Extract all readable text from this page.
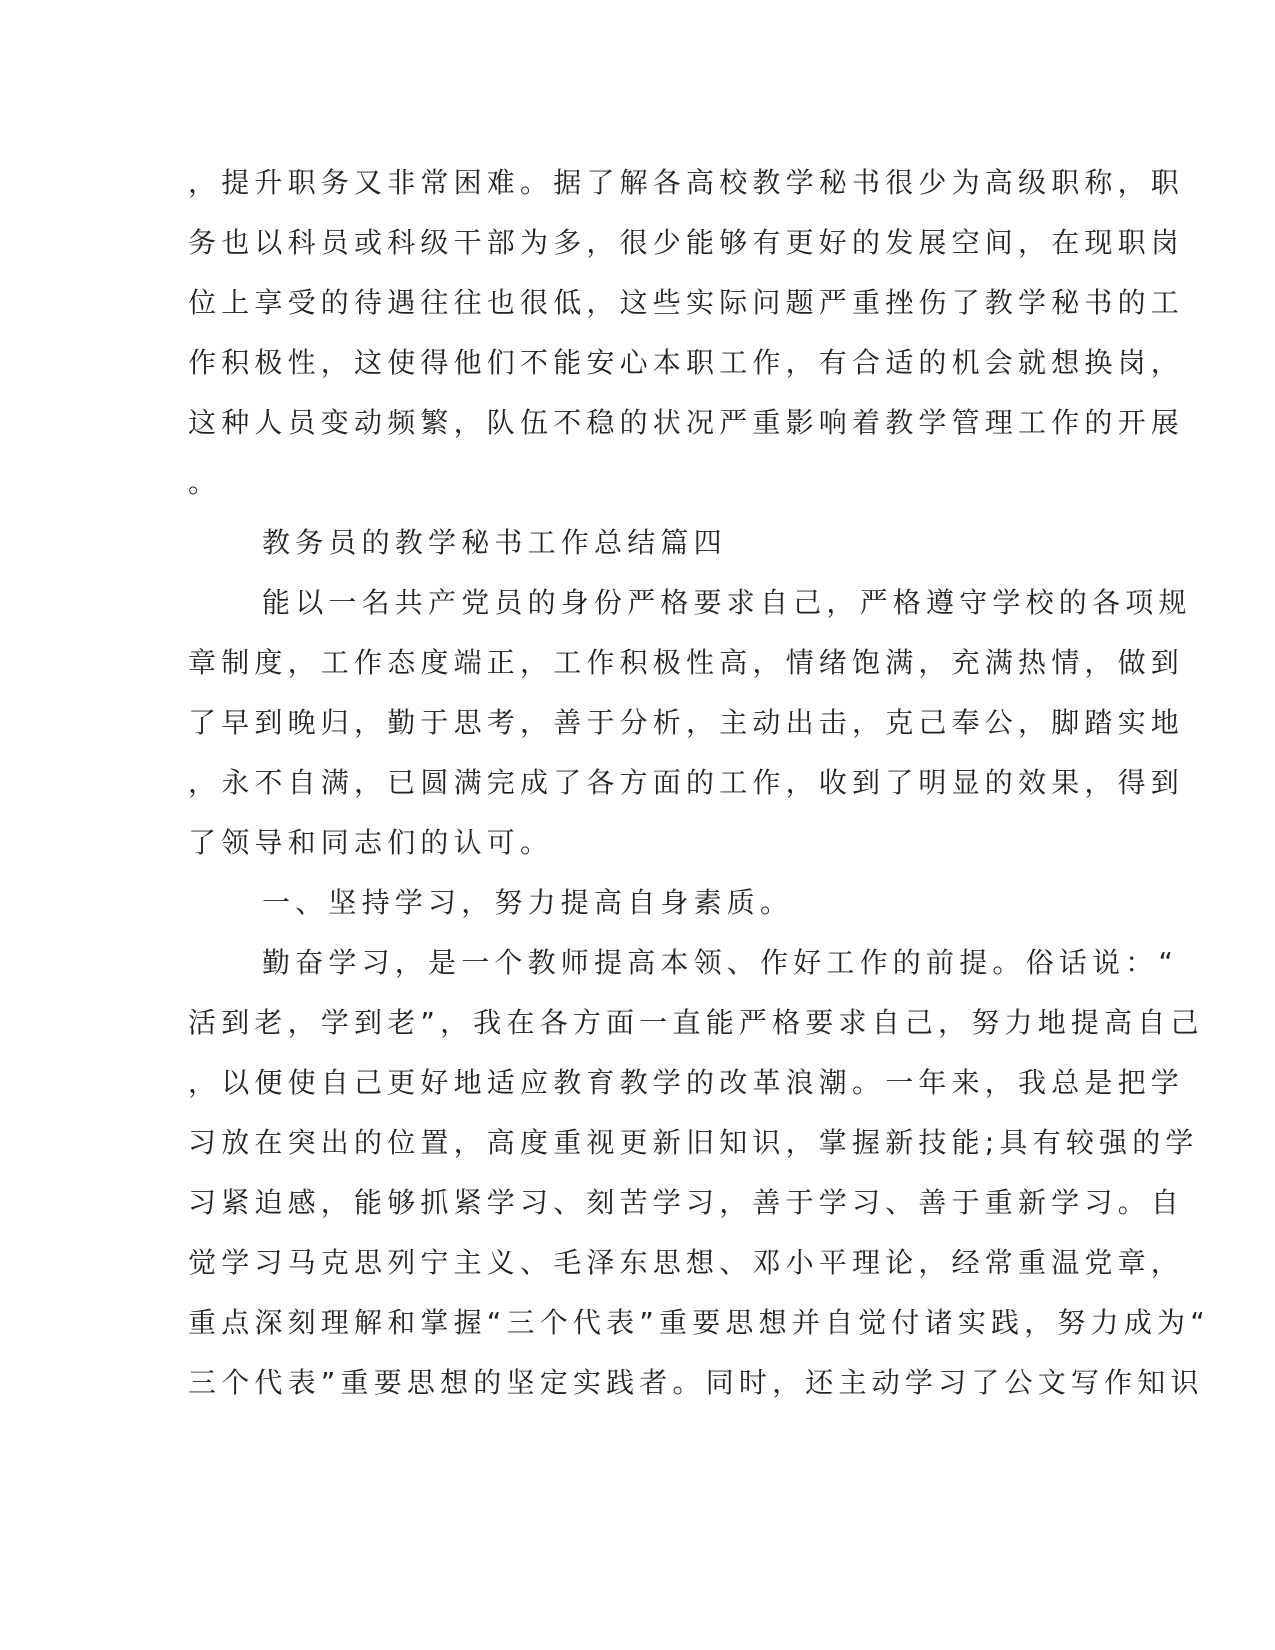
，提升职务又非常困难。据了解各高校教学秘书很少为高级职称，职
务也以科员或科级干部为多，很少能够有更好的发展空间，在现职岗
位上享受的待遇往往也很低，这些实际问题严重挫伤了教学秘书的工
作积极性，这使得他们不能安心本职工作，有合适的机会就想换岗，
这种人员变动频繁，队伍不稳的状况严重影响着教学管理工作的开展
。
教务员的教学秘书工作总结篇四
能以一名共产党员的身份严格要求自己，严格遵守学校的各项规
章制度，工作态度端正，工作积极性高，情绪饱满，充满热情，做到
了早到晚归，勤于思考，善于分析，主动出击，克己奉公，脚踏实地
，永不自满，已圆满完成了各方面的工作，收到了明显的效果，得到
了领导和同志们的认可。
一、坚持学习，努力提高自身素质。
勤奋学习，是一个教师提高本领、作好工作的前提。俗话说：“
活到老，学到老”，我在各方面一直能严格要求自己，努力地提高自己
，以便使自己更好地适应教育教学的改革浪潮。一年来，我总是把学
习放在突出的位置，高度重视更新旧知识，掌握新技能;具有较强的学
习紧迫感，能够抓紧学习、刻苦学习，善于学习、善于重新学习。自
觉学习马克思列宁主义、毛泽东思想、邓小平理论，经常重温党章，
重点深刻理解和掌握“三个代表”重要思想并自觉付诸实践，努力成为“
三个代表”重要思想的坚定实践者。同时，还主动学习了公文写作知识
